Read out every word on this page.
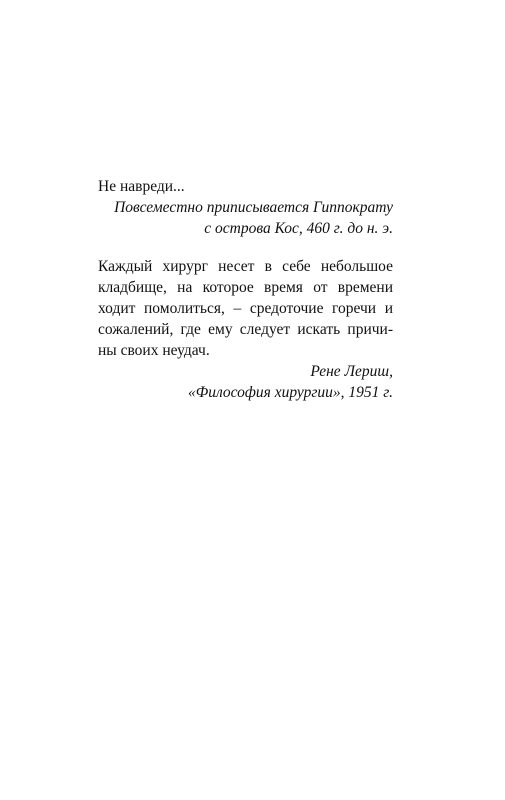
Не навреди...

Повсеместно приписывается Гиппократу

с острова Кос, 460 г. до н. э.

Каждый хирург несет в себе небольшое

кладбище, на которое время от времени

ходит помолиться, – средоточие горечи и

сожалений, где ему следует искать причи-

ны своих неудач.

Рене Лериш,

«Философия хирургии», 1951 г.
